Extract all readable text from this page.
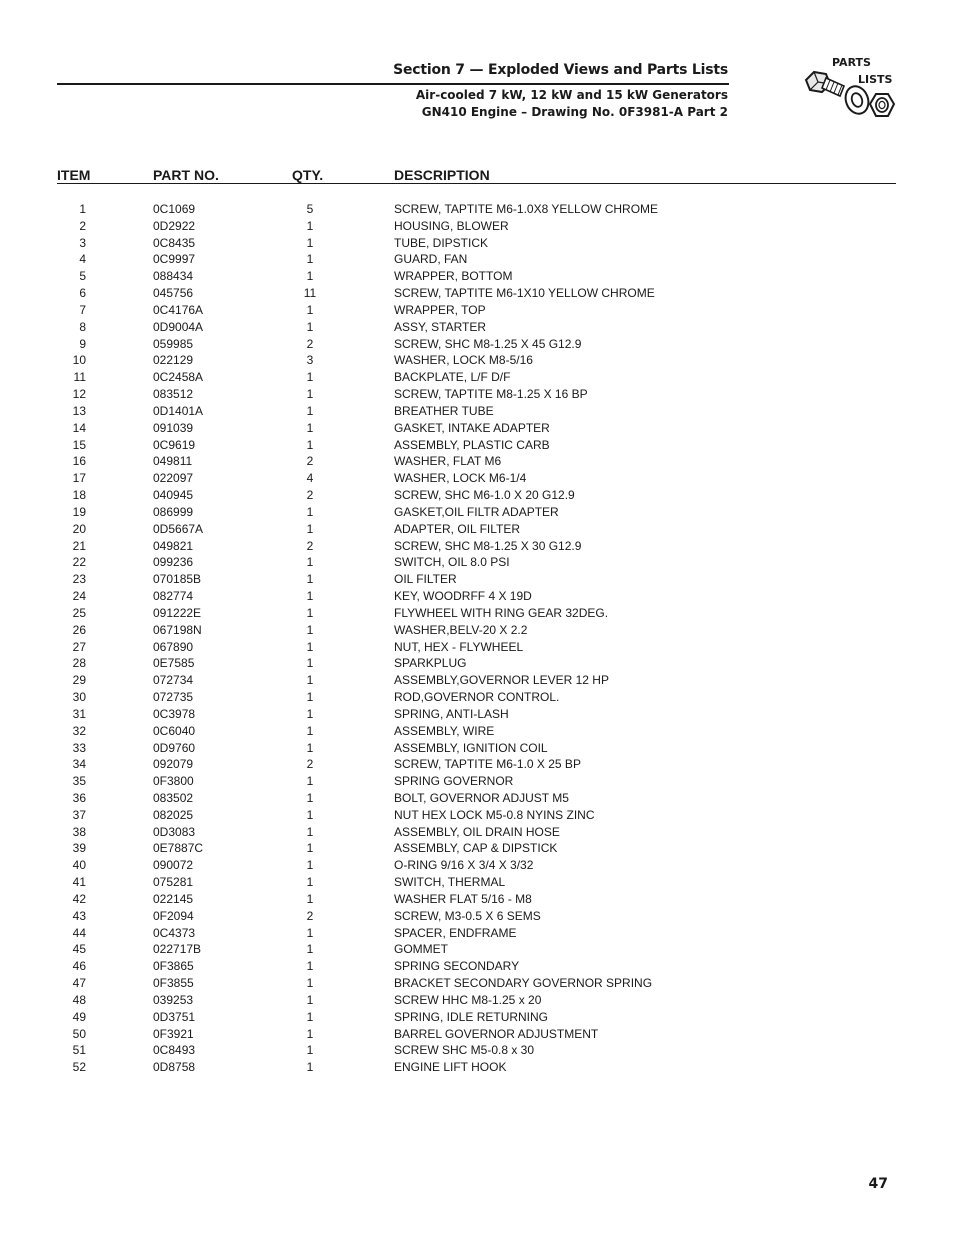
Section 7 — Exploded Views and Parts Lists
Air-cooled 7 kW, 12 kW and 15 kW Generators
GN410 Engine – Drawing No. 0F3981-A Part 2
PARTS
LISTS
ITEM	PART NO.	QTY.	DESCRIPTION
1	0C1069	5	SCREW, TAPTITE M6-1.0X8 YELLOW CHROME
2	0D2922	1	HOUSING, BLOWER
3	0C8435	1	TUBE, DIPSTICK
4	0C9997	1	GUARD, FAN
5	088434	1	WRAPPER, BOTTOM
6	045756	11	SCREW, TAPTITE M6-1X10 YELLOW CHROME
7	0C4176A	1	WRAPPER, TOP
8	0D9004A	1	ASSY, STARTER
9	059985	2	SCREW, SHC M8-1.25 X 45 G12.9
10	022129	3	WASHER, LOCK M8-5/16
11	0C2458A	1	BACKPLATE, L/F D/F
12	083512	1	SCREW, TAPTITE M8-1.25 X 16 BP
13	0D1401A	1	BREATHER TUBE
14	091039	1	GASKET, INTAKE ADAPTER
15	0C9619	1	ASSEMBLY, PLASTIC CARB
16	049811	2	WASHER, FLAT M6
17	022097	4	WASHER, LOCK M6-1/4
18	040945	2	SCREW, SHC M6-1.0 X 20 G12.9
19	086999	1	GASKET,OIL FILTR ADAPTER
20	0D5667A	1	ADAPTER, OIL FILTER
21	049821	2	SCREW, SHC M8-1.25 X 30 G12.9
22	099236	1	SWITCH, OIL 8.0 PSI
23	070185B	1	OIL FILTER
24	082774	1	KEY, WOODRFF 4 X 19D
25	091222E	1	FLYWHEEL WITH RING GEAR 32DEG.
26	067198N	1	WASHER,BELV-20 X 2.2
27	067890	1	NUT, HEX - FLYWHEEL
28	0E7585	1	SPARKPLUG
29	072734	1	ASSEMBLY,GOVERNOR LEVER 12 HP
30	072735	1	ROD,GOVERNOR CONTROL.
31	0C3978	1	SPRING, ANTI-LASH
32	0C6040	1	ASSEMBLY, WIRE
33	0D9760	1	ASSEMBLY, IGNITION COIL
34	092079	2	SCREW, TAPTITE M6-1.0 X 25 BP
35	0F3800	1	SPRING GOVERNOR
36	083502	1	BOLT, GOVERNOR ADJUST M5
37	082025	1	NUT HEX LOCK M5-0.8 NYINS ZINC
38	0D3083	1	ASSEMBLY, OIL DRAIN HOSE
39	0E7887C	1	ASSEMBLY, CAP & DIPSTICK
40	090072	1	O-RING 9/16 X 3/4 X 3/32
41	075281	1	SWITCH, THERMAL
42	022145	1	WASHER FLAT 5/16 - M8
43	0F2094	2	SCREW, M3-0.5 X 6 SEMS
44	0C4373	1	SPACER, ENDFRAME
45	022717B	1	GOMMET
46	0F3865	1	SPRING SECONDARY
47	0F3855	1	BRACKET SECONDARY GOVERNOR SPRING
48	039253	1	SCREW HHC M8-1.25 x 20
49	0D3751	1	SPRING, IDLE RETURNING
50	0F3921	1	BARREL GOVERNOR ADJUSTMENT
51	0C8493	1	SCREW SHC M5-0.8 x 30
52	0D8758	1	ENGINE LIFT HOOK
47
